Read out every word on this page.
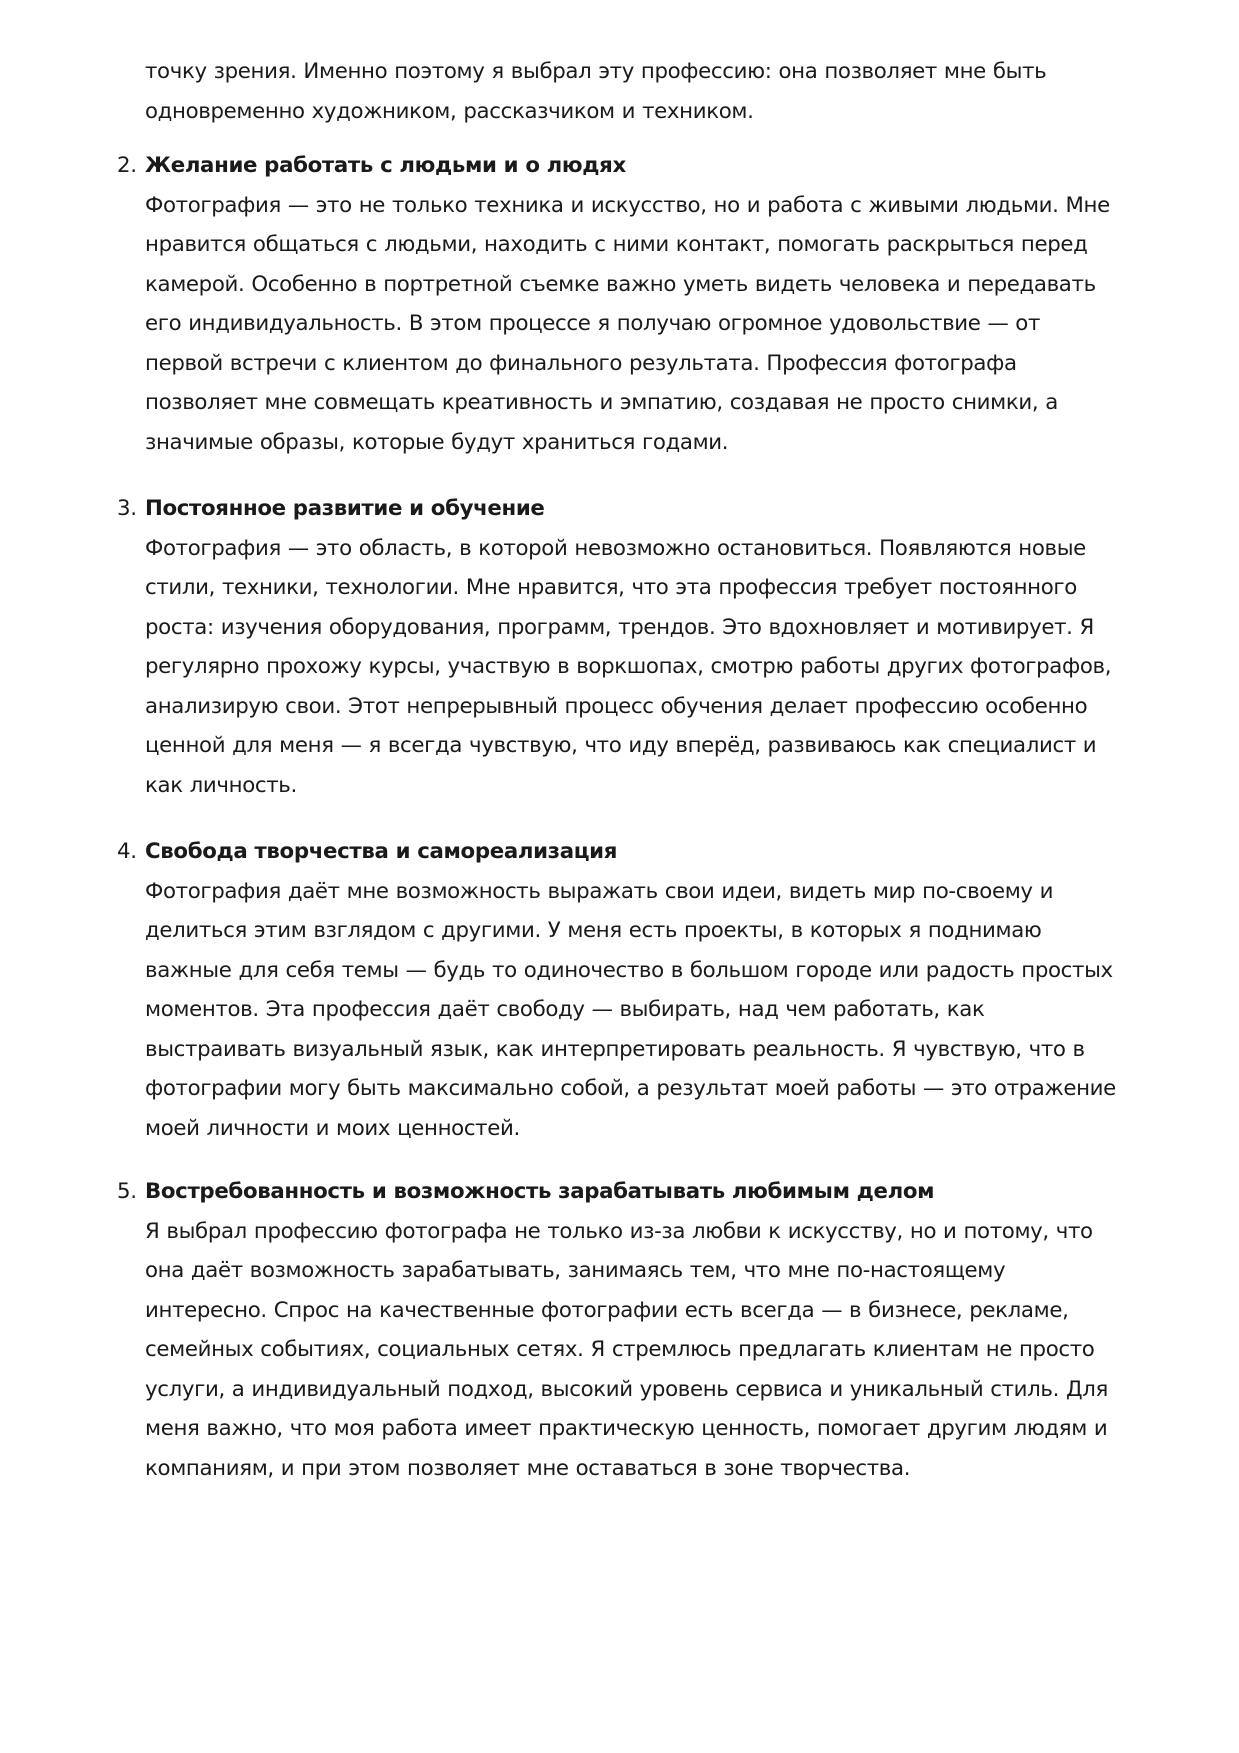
точку зрения. Именно поэтому я выбрал эту профессию: она позволяет мне быть
одновременно художником, рассказчиком и техником.

2. Желание работать с людьми и о людях

Фотография — это не только техника и искусство, но и работа с живыми людьми. Мне
нравится общаться с людьми, находить с ними контакт, помогать раскрыться перед
камерой. Особенно в портретной съемке важно уметь видеть человека и передавать
его индивидуальность. В этом процессе я получаю огромное удовольствие — от
первой встречи с клиентом до финального результата. Профессия фотографа
позволяет мне совмещать креативность и эмпатию, создавая не просто снимки, а
значимые образы, которые будут храниться годами.

3. Постоянное развитие и обучение

Фотография — это область, в которой невозможно остановиться. Появляются новые
стили, техники, технологии. Мне нравится, что эта профессия требует постоянного
роста: изучения оборудования, программ, трендов. Это вдохновляет и мотивирует. Я
регулярно прохожу курсы, участвую в воркшопах, смотрю работы других фотографов,
анализирую свои. Этот непрерывный процесс обучения делает профессию особенно
ценной для меня — я всегда чувствую, что иду вперёд, развиваюсь как специалист и
как личность.

4. Свобода творчества и самореализация

Фотография даёт мне возможность выражать свои идеи, видеть мир по-своему и
делиться этим взглядом с другими. У меня есть проекты, в которых я поднимаю
важные для себя темы — будь то одиночество в большом городе или радость простых
моментов. Эта профессия даёт свободу — выбирать, над чем работать, как
выстраивать визуальный язык, как интерпретировать реальность. Я чувствую, что в
фотографии могу быть максимально собой, а результат моей работы — это отражение
моей личности и моих ценностей.

5. Востребованность и возможность зарабатывать любимым делом

Я выбрал профессию фотографа не только из-за любви к искусству, но и потому, что
она даёт возможность зарабатывать, занимаясь тем, что мне по-настоящему
интересно. Спрос на качественные фотографии есть всегда — в бизнесе, рекламе,
семейных событиях, социальных сетях. Я стремлюсь предлагать клиентам не просто
услуги, а индивидуальный подход, высокий уровень сервиса и уникальный стиль. Для
меня важно, что моя работа имеет практическую ценность, помогает другим людям и
компаниям, и при этом позволяет мне оставаться в зоне творчества.
